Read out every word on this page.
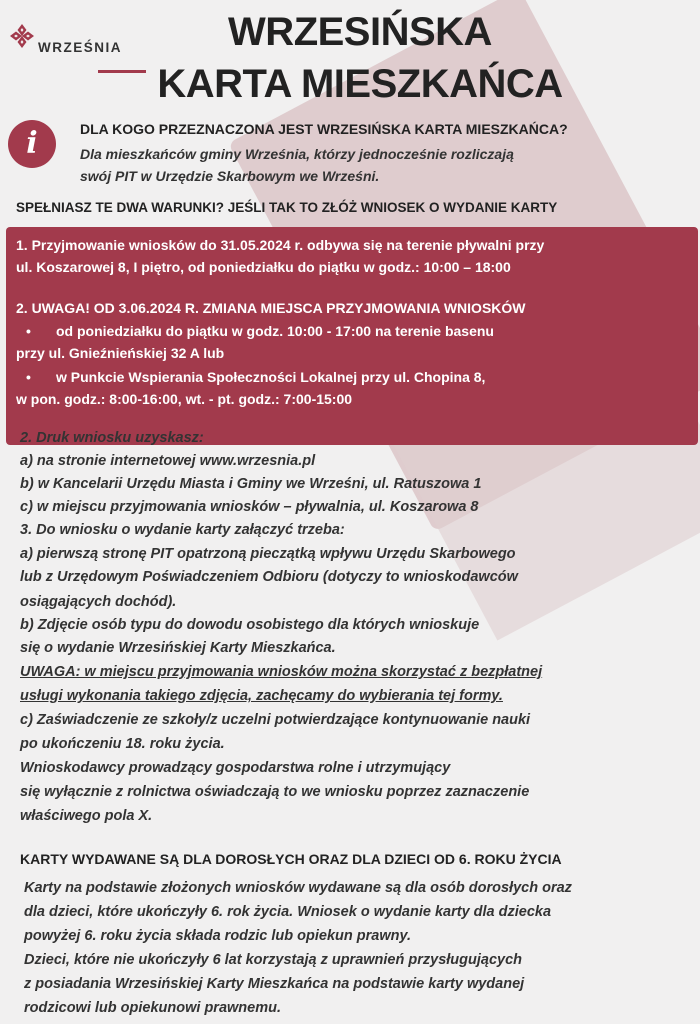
WRZEŚNIA	WRZESIŃSKA
KARTA MIESZKAŃCA
i	DLA KOGO PRZEZNACZONA JEST WRZESIŃSKA KARTA MIESZKAŃCA?
Dla mieszkańców gminy Września, którzy jednocześnie rozliczają
swój PIT w Urzędzie Skarbowym we Wrześni.
SPEŁNIASZ TE DWA WARUNKI? JEŚLI TAK TO ZŁÓŻ WNIOSEK O WYDANIE KARTY
1. Przyjmowanie wniosków do 31.05.2024 r. odbywa się na terenie pływalni przy
ul. Koszarowej 8, I piętro, od poniedziałku do piątku w godz.: 10:00 – 18:00
2. UWAGA! OD 3.06.2024 R. ZMIANA MIEJSCA PRZYJMOWANIA WNIOSKÓW
• od poniedziałku do piątku w godz. 10:00 - 17:00 na terenie basenu
przy ul. Gnieźnieńskiej 32 A lub
• w Punkcie Wspierania Społeczności Lokalnej przy ul. Chopina 8,
w pon. godz.: 8:00-16:00, wt. - pt. godz.: 7:00-15:00
2. Druk wniosku uzyskasz:
a) na stronie internetowej www.wrzesnia.pl
b) w Kancelarii Urzędu Miasta i Gminy we Wrześni, ul. Ratuszowa 1
c) w miejscu przyjmowania wniosków – pływalnia, ul. Koszarowa 8
3. Do wniosku o wydanie karty załączyć trzeba:
a) pierwszą stronę PIT opatrzoną pieczątką wpływu Urzędu Skarbowego
lub z Urzędowym Poświadczeniem Odbioru (dotyczy to wnioskodawców
osiągających dochód).
b) Zdjęcie osób typu do dowodu osobistego dla których wnioskuje
się o wydanie Wrzesińskiej Karty Mieszkańca.
UWAGA: w miejscu przyjmowania wniosków można skorzystać z bezpłatnej
usługi wykonania takiego zdjęcia, zachęcamy do wybierania tej formy.
c) Zaświadczenie ze szkoły/z uczelni potwierdzające kontynuowanie nauki
po ukończeniu 18. roku życia.
Wnioskodawcy prowadzący gospodarstwa rolne i utrzymujący
się wyłącznie z rolnictwa oświadczają to we wniosku poprzez zaznaczenie
właściwego pola X.
KARTY WYDAWANE SĄ DLA DOROSŁYCH ORAZ DLA DZIECI OD 6. ROKU ŻYCIA
Karty na podstawie złożonych wniosków wydawane są dla osób dorosłych oraz
dla dzieci, które ukończyły 6. rok życia. Wniosek o wydanie karty dla dziecka
powyżej 6. roku życia składa rodzic lub opiekun prawny.
Dzieci, które nie ukończyły 6 lat korzystają z uprawnień przysługujących
z posiadania Wrzesińskiej Karty Mieszkańca na podstawie karty wydanej
rodzicowi lub opiekunowi prawnemu.
